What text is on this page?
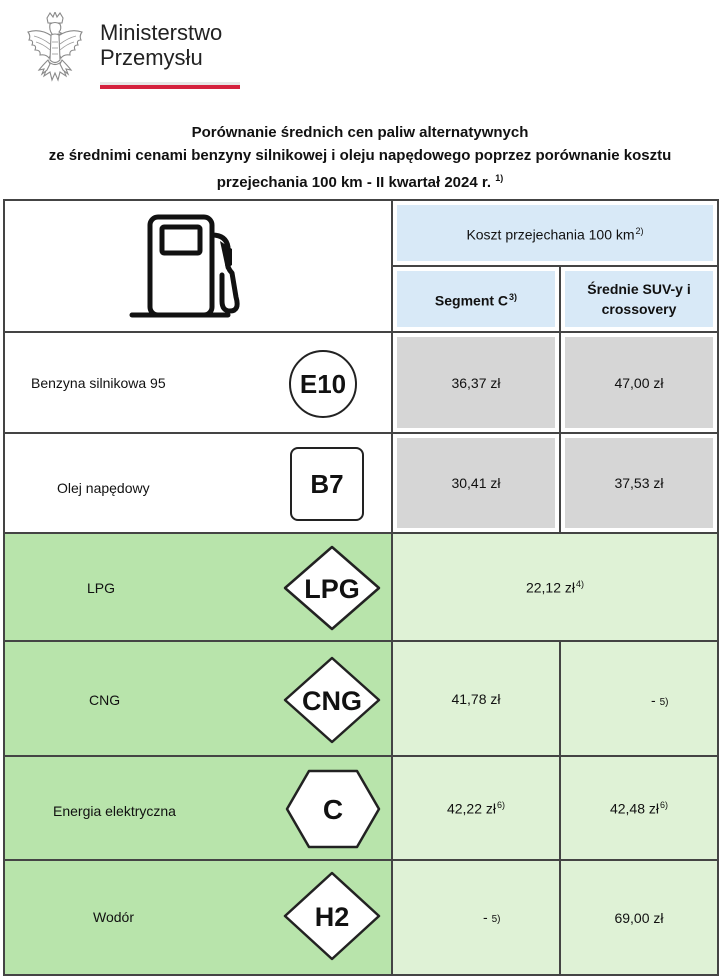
Ministerstwo
Przemysłu
Porównanie średnich cen paliw alternatywnych
ze średnimi cenami benzyny silnikowej i oleju napędowego poprzez porównanie kosztu
przejechania 100 km - II kwartał 2024 r. $^{1)}$
Koszt przejechania 100 $km^{2)}$
Segment $C^{3)}$
Średnie SUV-y i
crossovery
Benzyna silnikowa 95	E10	36,37 zł	47,00 zł
Olej napędowy	B7	30,41 zł	37,53 zł
LPG	LPG	22,12 $zł^{4)}$
CNG	CNG	41,78 zł	- 5)
Energia elektryczna	C	42,22 $zł^{6)}$	42,48 $zł^{6)}$
Wodór	H2	- 5)	69,00 zł
